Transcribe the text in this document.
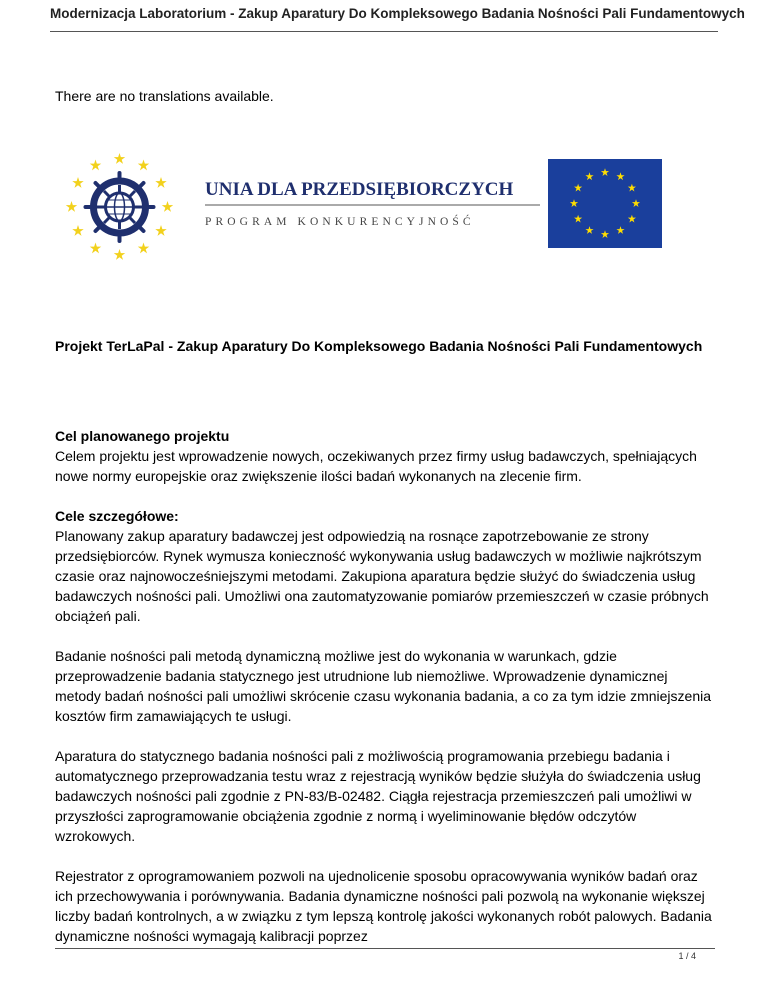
Modernizacja Laboratorium - Zakup Aparatury Do Kompleksowego Badania Nośności Pali Fundamentowych
There are no translations available.
UNIA DLA PRZEDSIĘBIORCZYCH
PROGRAM KONKURENCYJNOŚĆ

Projekt TerLaPal - Zakup Aparatury Do Kompleksowego Badania Nośności Pali Fundamentowych

Cel planowanego projektu

Celem projektu jest wprowadzenie nowych, oczekiwanych przez firmy usług badawczych, spełniających nowe normy europejskie oraz zwiększenie ilości badań wykonanych na zlecenie firm.

Cele szczegółowe:

Planowany zakup aparatury badawczej jest odpowiedzią na rosnące zapotrzebowanie ze strony przedsiębiorców. Rynek wymusza konieczność wykonywania usług badawczych w możliwie najkrótszym czasie oraz najnowocześniejszymi metodami. Zakupiona aparatura będzie służyć do świadczenia usług badawczych nośności pali. Umożliwi ona zautomatyzowanie pomiarów przemieszczeń w czasie próbnych obciążeń pali.

Badanie nośności pali metodą dynamiczną możliwe jest do wykonania w warunkach, gdzie przeprowadzenie badania statycznego jest utrudnione lub niemożliwe. Wprowadzenie dynamicznej metody badań nośności pali umożliwi skrócenie czasu wykonania badania, a co za tym idzie zmniejszenia kosztów firm zamawiających te usługi.

Aparatura do statycznego badania nośności pali z możliwością programowania przebiegu badania i automatycznego przeprowadzania testu wraz z rejestracją wyników będzie służyła do świadczenia usług badawczych nośności pali zgodnie z PN-83/B-02482. Ciągła rejestracja przemieszczeń pali umożliwi w przyszłości zaprogramowanie obciążenia zgodnie z normą i wyeliminowanie błędów odczytów wzrokowych.

Rejestrator z oprogramowaniem pozwoli na ujednolicenie sposobu opracowywania wyników badań oraz ich przechowywania i porównywania. Badania dynamiczne nośności pali pozwolą na wykonanie większej liczby badań kontrolnych, a w związku z tym lepszą kontrolę jakości wykonanych robót palowych. Badania dynamiczne nośności wymagają kalibracji poprzez

1 / 4
